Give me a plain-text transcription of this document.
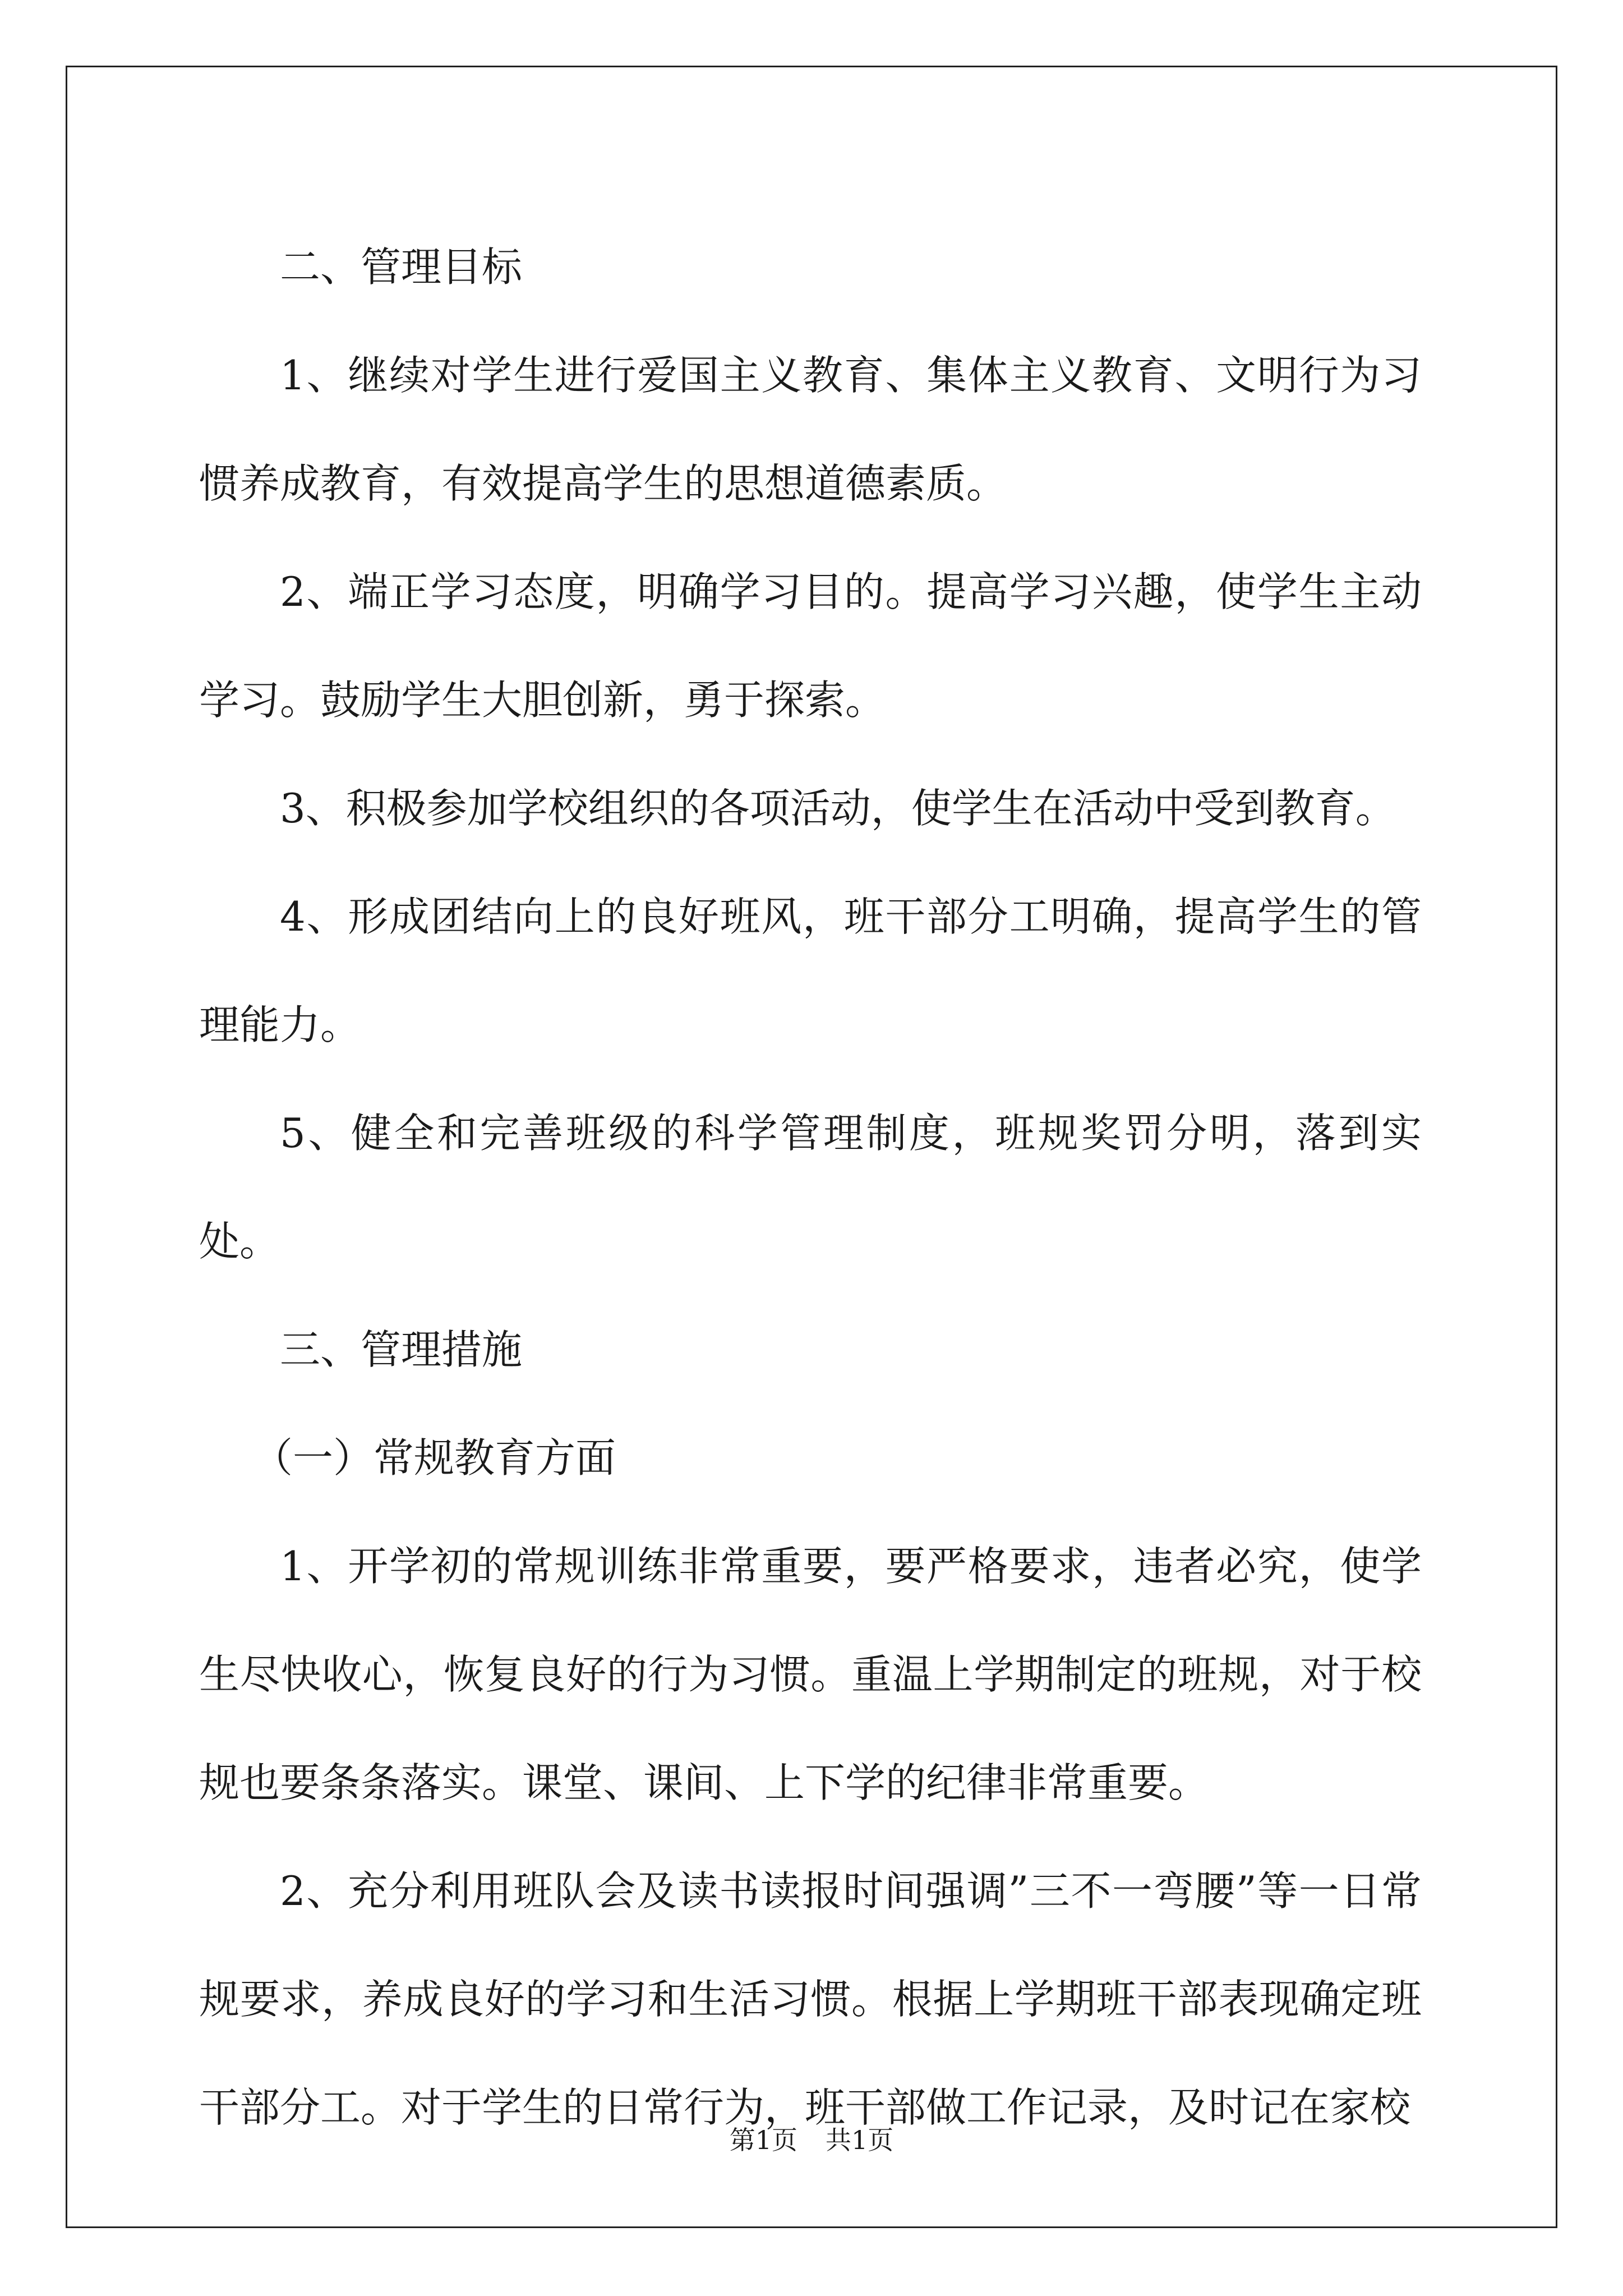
二、管理目标

1、继续对学生进行爱国主义教育、集体主义教育、文明行为习惯养成教育，有效提高学生的思想道德素质。

2、端正学习态度，明确学习目的。提高学习兴趣，使学生主动学习。鼓励学生大胆创新，勇于探索。

3、积极参加学校组织的各项活动，使学生在活动中受到教育。

4、形成团结向上的良好班风，班干部分工明确，提高学生的管理能力。

5、健全和完善班级的科学管理制度，班规奖罚分明，落到实处。

三、管理措施

（一）常规教育方面

1、开学初的常规训练非常重要，要严格要求，违者必究，使学生尽快收心，恢复良好的行为习惯。重温上学期制定的班规，对于校规也要条条落实。课堂、课间、上下学的纪律非常重要。

2、充分利用班队会及读书读报时间强调”三不一弯腰”等一日常规要求，养成良好的学习和生活习惯。根据上学期班干部表现确定班干部分工。对于学生的日常行为，班干部做工作记录，及时记在家校

第1页 共1页
